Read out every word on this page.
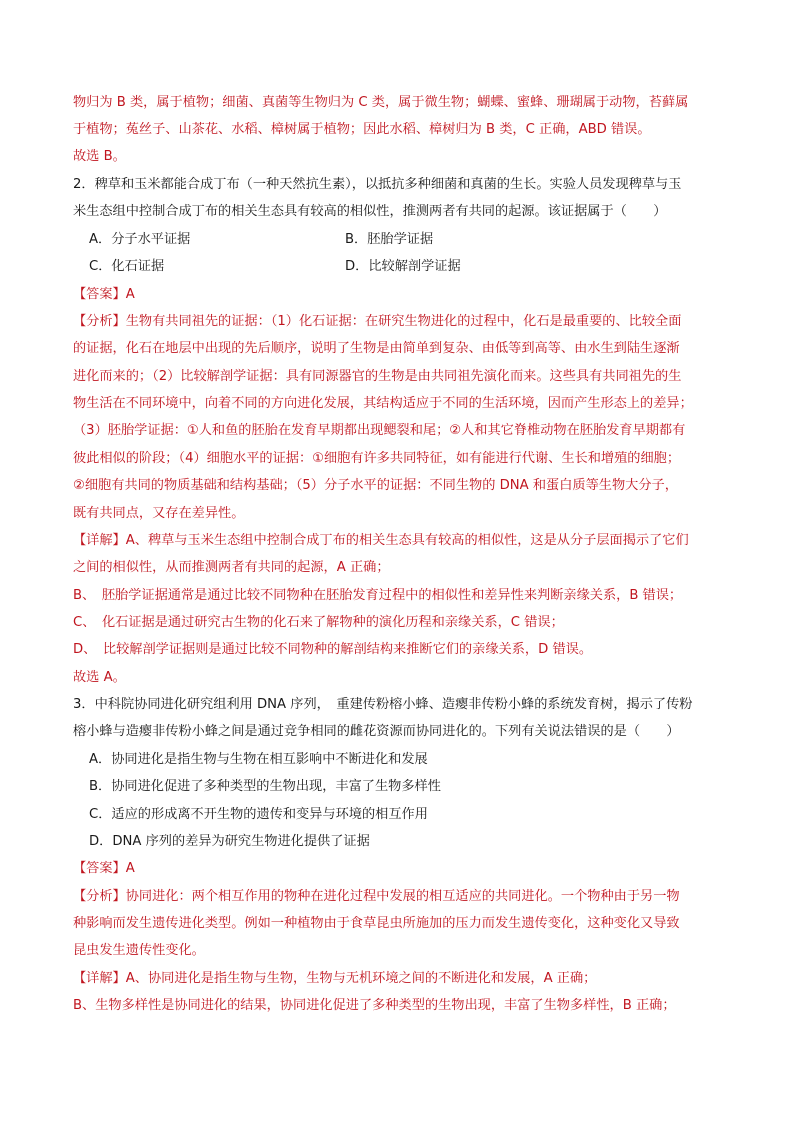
物归为 B 类，属于植物；细菌、真菌等生物归为 C 类，属于微生物；蝴蝶、蜜蜂、珊瑚属于动物，苔藓属
于植物；菟丝子、山茶花、水稻、樟树属于植物；因此水稻、樟树归为 B 类，C 正确，ABD 错误。
故选 B。
2．稗草和玉米都能合成丁布（一种天然抗生素），以抵抗多种细菌和真菌的生长。实验人员发现稗草与玉
米生态组中控制合成丁布的相关生态具有较高的相似性，推测两者有共同的起源。该证据属于（　　）
A．分子水平证据	B．胚胎学证据
C．化石证据	D．比较解剖学证据
【答案】A
【分析】生物有共同祖先的证据：（1）化石证据：在研究生物进化的过程中，化石是最重要的、比较全面
的证据，化石在地层中出现的先后顺序，说明了生物是由简单到复杂、由低等到高等、由水生到陆生逐渐
进化而来的；（2）比较解剖学证据：具有同源器官的生物是由共同祖先演化而来。这些具有共同祖先的生
物生活在不同环境中，向着不同的方向进化发展，其结构适应于不同的生活环境，因而产生形态上的差异；
（3）胚胎学证据：①人和鱼的胚胎在发育早期都出现鳃裂和尾；②人和其它脊椎动物在胚胎发育早期都有
彼此相似的阶段；（4）细胞水平的证据：①细胞有许多共同特征，如有能进行代谢、生长和增殖的细胞；
②细胞有共同的物质基础和结构基础；（5）分子水平的证据：不同生物的 DNA 和蛋白质等生物大分子，
既有共同点，又存在差异性。
【详解】A、稗草与玉米生态组中控制合成丁布的相关生态具有较高的相似性，这是从分子层面揭示了它们
之间的相似性，从而推测两者有共同的起源，A 正确；
B、　胚胎学证据通常是通过比较不同物种在胚胎发育过程中的相似性和差异性来判断亲缘关系，B 错误；
C、　化石证据是通过研究古生物的化石来了解物种的演化历程和亲缘关系，C 错误；
D、　比较解剖学证据则是通过比较不同物种的解剖结构来推断它们的亲缘关系，D 错误。
故选 A。
3．中科院协同进化研究组利用 DNA 序列，　重建传粉榕小蜂、造瘿非传粉小蜂的系统发育树，揭示了传粉
榕小蜂与造瘿非传粉小蜂之间是通过竞争相同的雌花资源而协同进化的。下列有关说法错误的是（　　）
A．协同进化是指生物与生物在相互影响中不断进化和发展
B．协同进化促进了多种类型的生物出现，丰富了生物多样性
C．适应的形成离不开生物的遗传和变异与环境的相互作用
D．DNA 序列的差异为研究生物进化提供了证据
【答案】A
【分析】协同进化：两个相互作用的物种在进化过程中发展的相互适应的共同进化。一个物种由于另一物
种影响而发生遗传进化类型。例如一种植物由于食草昆虫所施加的压力而发生遗传变化，这种变化又导致
昆虫发生遗传性变化。
【详解】A、协同进化是指生物与生物，生物与无机环境之间的不断进化和发展，A 正确；
B、生物多样性是协同进化的结果，协同进化促进了多种类型的生物出现，丰富了生物多样性，B 正确；
